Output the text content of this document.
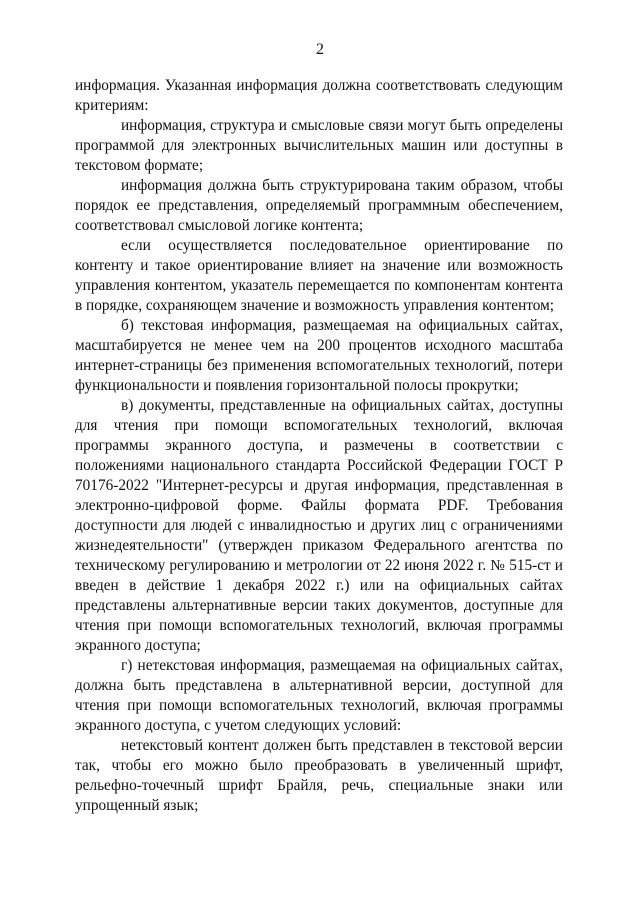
2

информация. Указанная информация должна соответствовать следующим критериям:

информация, структура и смысловые связи могут быть определены программой для электронных вычислительных машин или доступны в текстовом формате;

информация должна быть структурирована таким образом, чтобы порядок ее представления, определяемый программным обеспечением, соответствовал смысловой логике контента;

если осуществляется последовательное ориентирование по контенту и такое ориентирование влияет на значение или возможность управления контентом, указатель перемещается по компонентам контента в порядке, сохраняющем значение и возможность управления контентом;

б) текстовая информация, размещаемая на официальных сайтах, масштабируется не менее чем на 200 процентов исходного масштаба интернет-страницы без применения вспомогательных технологий, потери функциональности и появления горизонтальной полосы прокрутки;

в) документы, представленные на официальных сайтах, доступны для чтения при помощи вспомогательных технологий, включая программы экранного доступа, и размечены в соответствии с положениями национального стандарта Российской Федерации ГОСТ Р 70176-2022 "Интернет-ресурсы и другая информация, представленная в электронно-цифровой форме. Файлы формата PDF. Требования доступности для людей с инвалидностью и других лиц с ограничениями жизнедеятельности" (утвержден приказом Федерального агентства по техническому регулированию и метрологии от 22 июня 2022 г. № 515-ст и введен в действие 1 декабря 2022 г.) или на официальных сайтах представлены альтернативные версии таких документов, доступные для чтения при помощи вспомогательных технологий, включая программы экранного доступа;

г) нетекстовая информация, размещаемая на официальных сайтах, должна быть представлена в альтернативной версии, доступной для чтения при помощи вспомогательных технологий, включая программы экранного доступа, с учетом следующих условий:

нетекстовый контент должен быть представлен в текстовой версии так, чтобы его можно было преобразовать в увеличенный шрифт, рельефно-точечный шрифт Брайля, речь, специальные знаки или упрощенный язык;
